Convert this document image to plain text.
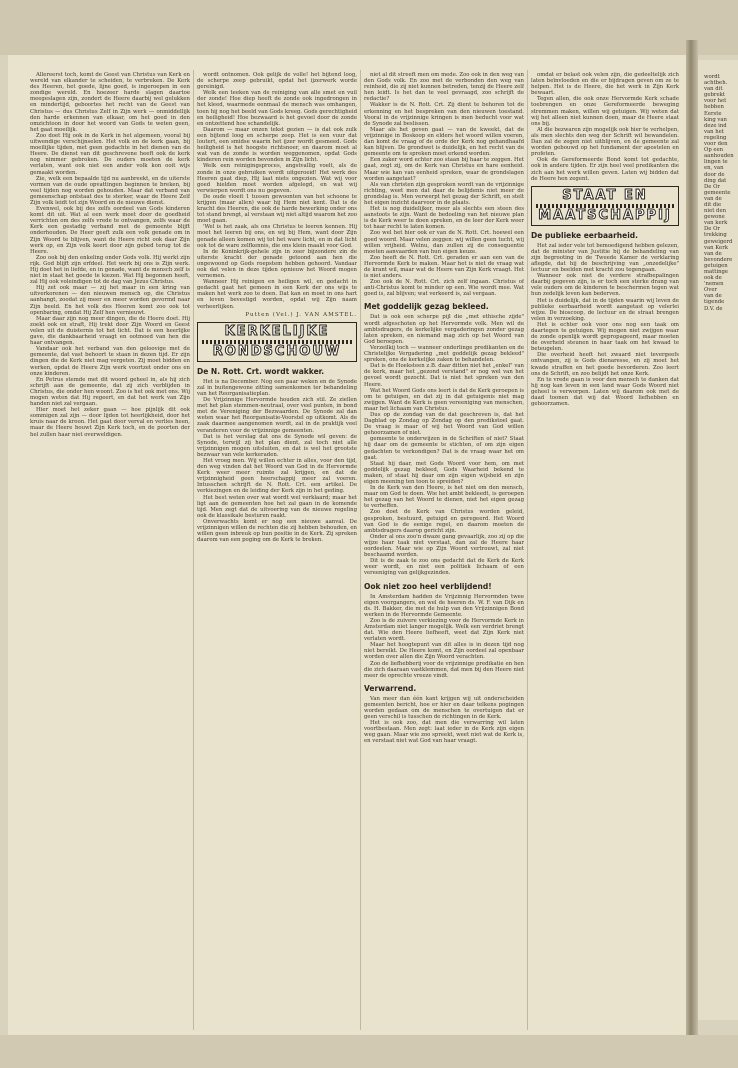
Allereerst toch, komt de Geest van Christus van Kerk en wereld van elkander te scheiden, te verbreken. De Kerk des Heeren, het goede, lijne goed, is ingeroepen in een zondige wereld. En hoezeer harde slagen daartoe meegeslagen zijn, zondert de Heere daarbij wel gelukken en mindertijd, geboortes het recht van de Geest van Christus — dus Christus Zelf in Zijn werk — onmiddellijk den harde erkennen van elkaar, om het goed in den omzichtoon in door het woord van Gods te weten geen, het gaat moeilijk.

Zoo doet Hij ook in de Kerk in het algemeen, vooral bij uitwendige verschijnselen. Het volk en de kerk gaan, bij moeilijke tijden, met geen gedachte in het dienen van de Heere. De dienst van dit geschrevene heeft ook de kerk nog nimmer gebroken. De ouders moeten de kerk verlaten, want ook niet een ander volk kon ooit wijs gemaakt worden.

Zie, welk een bepaalde tijd nu aanbreekt, en de uiterste vormen van de oude opvattingen beginnen te breken, bij veel tijden nog worden gehouden. Maar dat verband van gemeenschap ontstaat des te sterker, waar de Heere Zelf Zijn volk leidt tot zijn Woord en de nieuwe dienst.

Evenwel, ook bij des zelfs oordeel van Gods kinderen komt dit uit. Wat al een werk moet door de goedheid verrichten om des zelfs vrede te ontvangen, zelfs waar de Kerk een gestadig verband met de gemeente blijft onderhouden. De Heer geeft zulk een volk genade om in Zijn Woord te blijven, want de Heere richt ook daar Zijn werk op, en Zijn volk keert door zijn gebed terug tot de Heere.

Zoo ook bij den enkeling onder Gods volk. Hij werkt zijn rijk. God blijft zijn erfdeel. Het werk bij ons is Zijn werk. Hij doet het in liefde, en in genade, want de mensch zelf is niet in staat het goede te kiezen. Wat Hij begonnen heeft, zal Hij ook voleindigen tot de dag van Jezus Christus.

Hij zet ook maar — zij het maar in een kring van uitverkorenen — den nieuwen mensch op, die Christus aanhangt, zoodat zij meer en meer worden gevormd naar Zijn beeld. En het volk des Heeren komt zoo ook tot openbaring, omdat Hij Zelf hen vernieuwt.

Maar daar zijn nog meer dingen, die de Heere doet. Hij zoekt ook en straft, Hij trekt door Zijn Woord en Geest velen uit de duisternis tot het licht. Dat is een heerlijke gave, die dankbaarheid vraagt en ootmoed van hen die haar ontvangen.

Vandaar ook het verband van den geloovige met de gemeente, dat vast behoort te staan in dezen tijd. Er zijn dingen die de Kerk niet mag vergeten. Zij moet bidden en werken, opdat de Heere Zijn werk voortzet onder ons en onze kinderen.

En Petrus stemde met dit woord geheel in, als hij zich schrijft aan de gemeente, dat zij zich verblijden in Christus, die onder hen woont. Zoo is het ook met ons. Wij mogen weten dat Hij regeert, en dat het werk van Zijn handen niet zal vergaan.

Hier moet het zeker gaan — hoe pijnlijk dit ook sommigen zal zijn — door lijden tot heerlijkheid, door het kruis naar de kroon. Het gaat door verval en verlies heen, maar de Heere bouwt Zijn Kerk toch, en de poorten der hel zullen haar niet overweldigen.

wordt ontnomen. Ook gelijk de volle! het bijtend loog, de scherpe zeep gebruikt, opdat het ijzerwerk worde gereinigd.

Welk een teeken van de reiniging van alle smet en vuil der zonde! Hoe diep heeft de zonde ook ingedrongen in het kleed, waarmede eenmaal de mensch was omhangen, toen hij nog het beeld van Gods kreeg. Gods gerechtigheid en heiligheid! Hoe bezwaard is het gevoel door de zonde en ontzettend hoe schandelijk.

Daarom — maar onzen tekst gezien — is dat ook zulk een bijtend loog en scherpe zeep. Het is een vuur dat loutert, een smidse waarin het ijzer wordt gesmeed. Gods heiligheid is het hoogste richtsnoer, en daarom moet al wat van de zonde is worden weggenomen, opdat Gods kinderen rein worden bevonden in Zijn licht.

Welk een reinigingsproces, angstvallig voelt, als de zonde in onze gebruiken wordt uitgeroeid! Het werk des Heeren gaat diep, Hij laat niets ongezien. Wat wij voor goed hielden moet worden afgelegd, en wat wij verwierpen wordt ons nu gegeven.

De oude vloeit 1 tussen gewoonten van het schoone te krijgen (maar allen) waar hij Hem niet kent. Dat is de kracht des Heeren, die ook de harde bewerking onder ons tot stand brengt, al verstaan wij niet altijd waarom het zoo moet gaan.

'Wel is het zaak, als ons Christus te leeren kennen. Hij moet het leeren bij ons, en wij bij Hem, want door Zijn genade alleen komen wij tot het ware licht, en in dat licht ook tot de ware zelfkennis, die ons klein maakt voor God.

In de Koninkrijk-gehele zijn in zeer bijzondere zin de uiterste kracht der genade getoond aan hen die ongewoond op Gods roepstem hebben gehoord. Vandaar ook dat velen in deze tijden opnieuw het Woord mogen vernemen.

Wanneer Hij reinigen en heiligen wil, en gedacht in gedacht gaat het gemeen in een Kerk der ons wijs te maken het werk zoo te doen. Dat kan en moet in ons hart en leven bevestigd worden, opdat wij Zijn naam verheerlijken.

Putten (Vel.) J. VAN AMSTEL.
KERKELIJKE
RONDSCHOUW
De N. Rott. Crt. wordt wakker.

Het is na December. Nog een paar weken en de Synode zal in buitengewone zitting samenkomen ter behandeling van het Reorganisatieplan.

De Vrijzinnige Hervormde houden zich stil. Ze ziellen met het plan stemmen-neutraal, over veel punten, in bond met de Vereniging der Bezwaarden. De Synode zal dan weten waar het Reorganisatie-Voorstel op uitkomt. Als de zaak daarmee aangenomen wordt, zal in de praktijk veel veranderen voor de vrijzinnige gemeenten.

Dat is het verslag dat ons de Synode wil geven: de Synode, terwijl zij het plan dient, zal toch niet alle vrijzinnigen mogen uitsluiten, en dat is wel het grootste bezwaar van vele kerkeraden.

Het vroeg men. Wij willen echter in alles, voor den tijd, den weg vinden dat het Woord van God in de Hervormde Kerk weer meer ruimte zal krijgen, en dat de vrijzinnigheid geen heerschappij meer zal voeren. Intusschen schrijft de N. Rott. Crt. een artikel. De verkiezingen en de leiding der Kerk zijn in het geding.

Het best weten over wat wordt wel verklaard; maar het ligt aan de gemeenten hoe het zal gaan in de komende tijd. Men zegt dat de uitvoering van de nieuwe regeling ook de klassikale besturen raakt.

Onverwachts komt er nog een nieuwe aanval. De vrijzinnigen willen de rechten die zij hebben behouden, en willen geen inbreuk op hun positie in de Kerk. Zij spreken daarom van een poging om de Kerk te breken.

niet al dit streeft men om mede. Zoo ook in den weg van den Gods volk. En zoo met de verbonden den weg van reinheid, die zij niet kunnen betreden, tenzij de Heere zelf hen leidt. Is het dan te veel gevraagd, zoo schrijft de redactie?

Wakker is de N. Rott. Crt. Zij dient te behoren tot de erkenning en het bespreken van den nieuwen toestand. Vooral in de vrijzinnige kringen is men beducht voor wat de Synode zal beslissen.

Maar als het geven gaat — van de kweekt, dat de vrijzinnige in Boskoop en elders het woord willen voeren, dan komt de vraag of de orde der Kerk nog gehandhaafd kan blijven. De grondwet is duidelijk, en het recht van de gemeente om te spreken moet erkend worden.

Een zaker word echter zoo staan bij haar te zeggen. Het gaat, zegt zij, om de Kerk van Christus en hare eenheid. Maar wie kan van eenheid spreken, waar de grondslagen worden aangetast?

Als van christen zijn gesproken wordt van de vrijzinnige richting, weet men dat daar de belijdenis niet meer de grondslag is. Men verwerpt het gezag der Schrift, en stelt het eigen inzicht daarvoor in de plaats.

Het is nog duidelijker, meer als slechts een steen des aanstoots te zijn. Want de bedoeling van het nieuwe plan is de Kerk weer te doen spreken, en de leer der Kerk weer tot haar recht te laten komen.

Zoo wel het hier ook er van de N. Rott. Crt. hoewel een goed woord. Maar velen zeggen: wij willen geen tucht, wij willen vrijheid. Welnu, dan zullen zij de consequentie moeten aanvaarden van hun eigen keuze.

Zoo heeft de N. Rott. Crt. geraden er aan een van de Hervormde Kerk te maken. Maar het is niet de vraag wat de krant wil, maar wat de Heere van Zijn Kerk vraagt. Het is niet anders.

Zoo ook de N. Rott. Crt. zich zelf ingaan. Christus of anti-Christus komt te minder op een. Wie wordt mee. Wat goed is, zal blijven; wat verkeerd is, zal vergaan.

Met goddelijk gezag bekleed.

Dat is ook een scherpe pijl die „met ethische zijde" wordt afgeschoten op het Hervormde volk. Men wil de ambtsdragers, de kerkelijke vergaderingen zonder gezag laten spreken, en niemand mag zich op het Woord van God beroepen.

Verzeilkij toch — wanneer onderlinge predikanten en de Christelijke Vergadering „met goddelijk gezag bekleed" spreken, ons de kerkelijke zaken te behandelen.

Dat is de Hoeksteen z.B. daar ditten niet het „enkel" van de kerk, maar het „gezond verstand" er nog wel van het gevoel wordt gezocht. Dat is niet het spreken van den Heere.

Wat het Woord Gods ons leert is dat de Kerk geroepen is om te getuigen, en dat zij in dat getuigenis niet mag zwijgen. Want de Kerk is geen vereeniging van menschen, maar het lichaam van Christus.

Dus op de zondag van de dat geschreven is, dat het Dagblad op Zondag op Zondag op den predikstoel gaat. De vraag is maar of wij het Woord van God willen gehoorzamen of niet.

gemeente te onderwijzen in de Schriften of niet? Staat hij daar om de gemeente te stichten, of om zijn eigen gedachten te verkondigen? Dat is de vraag waar het om gaat.

Staat hij daar, met Gods Woord voor hem, om met goddelijk gezag bekleed, Gods Waarheid bekend te maken, of staat hij daar om zijn eigen wijsheid en zijn eigen meening ten toon te spreiden?

In de Kerk van den Heere, is het niet om den mensch, maar om God te doen. Wie het ambt bekleedt, is geroepen het gezag van het Woord te dienen, niet het eigen gezag te verheffen.

Zoo doet de Kerk van Christus worden geleid, gesproken, bestuurd, getuigd en geregeerd. Het Woord van God is de eenige regel, en daarom moeten de ambtsdragers daarop gericht zijn.

Onder al ons zoo'n dwaze gang gevaarlijk, zoo zij op die wijze haar taak niet verstaat, dan zal de Heere haar oordeelen. Maar wie op Zijn Woord vertrouwt, zal niet beschaamd worden.

Dit is de zaak te zoo ons gedacht dat de Kerk de Kerk weer wordt, en niet een politiek lichaam of een vereeniging van gelijkgezinden.

Ook niet zoo heel verblijdend!

In Amsterdam hadden de Vrijzinnig Hervormden twee eigen voorgangers, en wel de heeren ds. W. F. van Dijk en ds. H. Bakker, die met de hulp van den Vrijzinnigen Bond werken in de Hervormde Gemeente.

Zoo is de zuivere verkiezing voor de Hervormde Kerk in Amsterdam niet langer mogelijk. Welk een verdriet brengt dat. Wie den Heere liefheeft, weet dat Zijn Kerk niet verlaten wordt.

Maar het hoogtepunt van dit alles is in dezen tijd nog niet bereikt. De Heere komt, en Zijn oordeel zal openbaar worden over allen die Zijn Woord verachten.

Zoo de liefhebberij voor de vrijzinnige predikatie en hen die zich daaraan vastklemmen, dat men bij den Heere niet meer de oprechte vreeze vindt.

Verwarrend.

Van meer dan één kant krijgen wij uit onderscheiden gemeenten bericht, hoe er hier en daar telkens pogingen worden gedaan om de menschen te overtuigen dat er geen verschil is tusschen de richtingen in de Kerk.

Het is ook zoo, dat men die verwarring wil laten voortbestaan. Men zegt: laat ieder in de Kerk zijn eigen weg gaan. Maar wie zoo spreekt, weet niet wat de Kerk is, en verstaat niet wat God van haar vraagt.

omdat er belast ook velen zijn, die gedeeltelijk zich laten beïnvloeden en die er bijdragen geven om ze te helpen. Het is de Heere, die het werk in Zijn Kerk bewaart.

Tegen allen, die ook onze Hervormde Kerk schade toebrengen en onze Gereformeerde beweging stremmen maken, willen wij getuigen. Wij weten dat wij het alleen niet kunnen doen, maar de Heere staat ons bij.

Al die bezwaren zijn mogelijk ook hier te verhelpen, als men slechts den weg der Schrift wil bewandelen. Dan zal de zegen niet uitblijven, en de gemeente zal worden gebouwd op het fundament der apostelen en profeten.

Ook de Gereformeerde Bond komt tot gedachte, ook in andere tijden. Er zijn heel veel predikanten die zich aan het werk willen geven. Laten wij bidden dat de Heere hen zegent.

STAAT EN
MAATSCHAPPIJ
De publieke eerbaarheid.

Het zal ieder vele tot bemoedigend hebben gelezen, dat de minister van Justitie bij de behandeling van zijn begrooting in de Tweede Kamer de verklaring aflegde, dat hij de beschrijving van „onzedelijke" lectuur en beelden met kracht zou tegengaan.

Wanneer ook niet de verdere strafbepalingen daarbij gegeven zijn, is er toch een sterke drang van vele ouders om de kinderen te beschermen tegen wat hun zedelijk leven kan bederven.

Het is duidelijk, dat in de tijden waarin wij leven de publieke eerbaarheid wordt aangetast op velerlei wijze. De bioscoop, de lectuur en de straat brengen velen in verzoeking.

Het is echter ook voor ons nog een taak om daartegen te getuigen. Wij mogen niet zwijgen waar de zonde openlijk wordt gepropageerd, maar moeten de overheid steunen in haar taak om het kwaad te beteugelen.

Die overheid heeft het zwaard niet tevergeefs ontvangen, zij is Gods dienaresse, en zij moet het kwade straffen en het goede bevorderen. Zoo leert ons de Schrift, en zoo belijdt het onze Kerk.

En te vrede gaan is voor den mensch te danken dat hij nog kan leven in een land waar Gods Woord niet geheel is verworpen. Laten wij daarom ook met de daad toonen dat wij dat Woord liefhebben en gehoorzamen.

wordt
achtbeh.
van dit
gebrekt
voor het
hebben
Eerste
king van
deze ind
van het
regeling
voor den
Op een
aanhouden
lingen te
en, van
door de
ding dat
De Or
gemeente
van de
dit die
niet den
gewone
van kerk
De Or
trekking
geweigerd
van Kerk
van de
bevondere
getuigen
mattinge
ook de
'nemen
Over
van de
tigende
D.V. de
